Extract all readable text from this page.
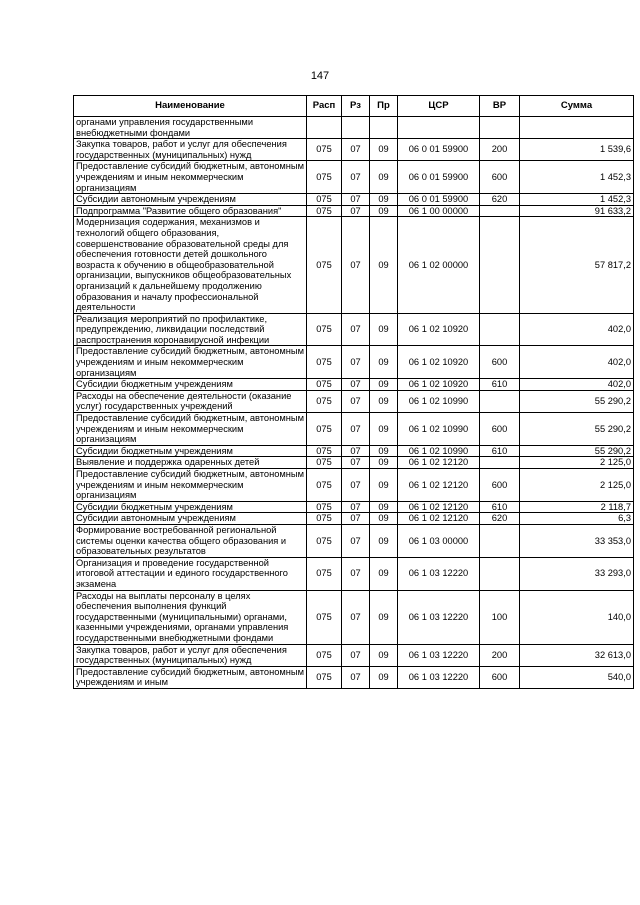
147
Наименование	Расп	Рз	Пр	ЦСР	ВР	Сумма
органами управления государственными внебюджетными фондами						
Закупка товаров, работ и услуг для обеспечения государственных (муниципальных) нужд	075	07	09	06 0 01 59900	200	1 539,6
Предоставление субсидий бюджетным, автономным учреждениям и иным некоммерческим организациям	075	07	09	06 0 01 59900	600	1 452,3
Субсидии автономным учреждениям	075	07	09	06 0 01 59900	620	1 452,3
Подпрограмма "Развитие общего образования"	075	07	09	06 1 00 00000		91 633,2
Модернизация содержания, механизмов и технологий общего образования, совершенствование образовательной среды для обеспечения готовности детей дошкольного возраста к обучению в общеобразовательной организации, выпускников общеобразовательных организаций к дальнейшему продолжению образования и началу профессиональной деятельности	075	07	09	06 1 02 00000		57 817,2
Реализация мероприятий по профилактике, предупреждению, ликвидации последствий распространения коронавирусной инфекции	075	07	09	06 1 02 10920		402,0
Предоставление субсидий бюджетным, автономным учреждениям и иным некоммерческим организациям	075	07	09	06 1 02 10920	600	402,0
Субсидии бюджетным учреждениям	075	07	09	06 1 02 10920	610	402,0
Расходы на обеспечение деятельности (оказание услуг) государственных учреждений	075	07	09	06 1 02 10990		55 290,2
Предоставление субсидий бюджетным, автономным учреждениям и иным некоммерческим организациям	075	07	09	06 1 02 10990	600	55 290,2
Субсидии бюджетным учреждениям	075	07	09	06 1 02 10990	610	55 290,2
Выявление и поддержка одаренных детей	075	07	09	06 1 02 12120		2 125,0
Предоставление субсидий бюджетным, автономным учреждениям и иным некоммерческим организациям	075	07	09	06 1 02 12120	600	2 125,0
Субсидии бюджетным учреждениям	075	07	09	06 1 02 12120	610	2 118,7
Субсидии автономным учреждениям	075	07	09	06 1 02 12120	620	6,3
Формирование востребованной региональной системы оценки качества общего образования и образовательных результатов	075	07	09	06 1 03 00000		33 353,0
Организация и проведение государственной итоговой аттестации и единого государственного экзамена	075	07	09	06 1 03 12220		33 293,0
Расходы на выплаты персоналу в целях обеспечения выполнения функций государственными (муниципальными) органами, казенными учреждениями, органами управления государственными внебюджетными фондами	075	07	09	06 1 03 12220	100	140,0
Закупка товаров, работ и услуг для обеспечения государственных (муниципальных) нужд	075	07	09	06 1 03 12220	200	32 613,0
Предоставление субсидий бюджетным, автономным учреждениям и иным	075	07	09	06 1 03 12220	600	540,0
